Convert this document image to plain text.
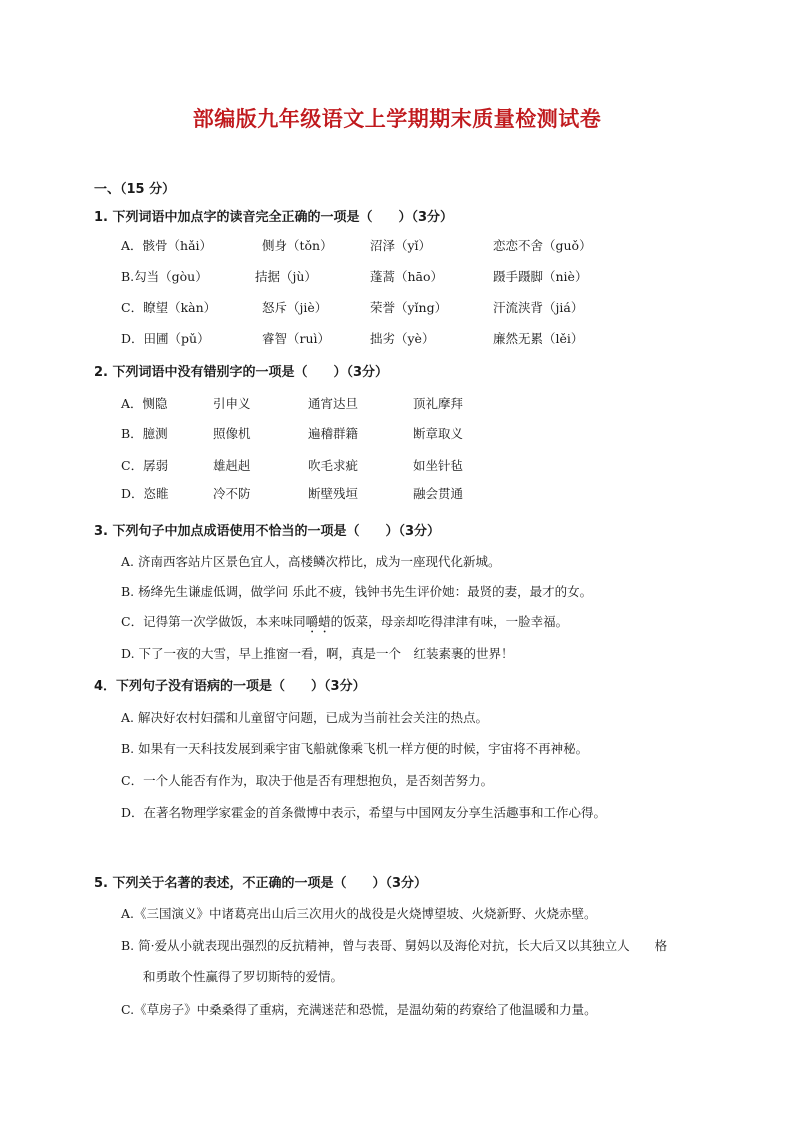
部编版九年级语文上学期期末质量检测试卷
一、（15 分）
1. 下列词语中加点字的读音完全正确的一项是（　　）（3分）
A．骸骨（hǎi）	侧身（tǒn）	沼泽（yǐ）	恋恋不舍（guǒ）
B.勾当（gòu）	拮据（jù）	蓬蒿（hāo）	蹑手蹑脚（niè）
C．瞭望（kàn）	怒斥（jiè）	荣誉（yǐng）	汗流浃背（jiá）
D．田圃（pǔ）	睿智（ruì）	拙劣（yè）	廉然无累（lěi）
2. 下列词语中没有错别字的一项是（　　）（3分）
A．恻隐	引申义	通宵达旦	顶礼摩拜
B．臆测	照像机	遍稽群籍	断章取义
C．孱弱	雄赳赳	吹毛求疵	如坐针毡
D．恣睢	冷不防	断壁残垣	融会贯通
3. 下列句子中加点成语使用不恰当的一项是（　　）（3分）
A. 济南西客站片区景色宜人，高楼鳞次栉比，成为一座现代化新城。
B. 杨绛先生谦虚低调，做学问 乐此不疲，钱钟书先生评价她：最贤的妻，最才的女。
C．记得第一次学做饭，本来味同嚼蜡的饭菜，母亲却吃得津津有味，一脸幸福。
D. 下了一夜的大雪，早上推窗一看，啊，真是一个　红装素裹的世界！
4．下列句子没有语病的一项是（　　）（3分）
A. 解决好农村妇孺和儿童留守问题，已成为当前社会关注的热点。
B. 如果有一天科技发展到乘宇宙飞船就像乘飞机一样方便的时候，宇宙将不再神秘。
C．一个人能否有作为，取决于他是否有理想抱负，是否刻苦努力。
D．在著名物理学家霍金的首条微博中表示，希望与中国网友分享生活趣事和工作心得。
5. 下列关于名著的表述，不正确的一项是（　　）（3分）
A.《三国演义》中诸葛亮出山后三次用火的战役是火烧博望坡、火烧新野、火烧赤壁。
B. 简·爱从小就表现出强烈的反抗精神，曾与表哥、舅妈以及海伦对抗，长大后又以其独立人　　格
和勇敢个性赢得了罗切斯特的爱情。
C.《草房子》中桑桑得了重病，充满迷茫和恐慌，是温幼菊的药寮给了他温暖和力量。
